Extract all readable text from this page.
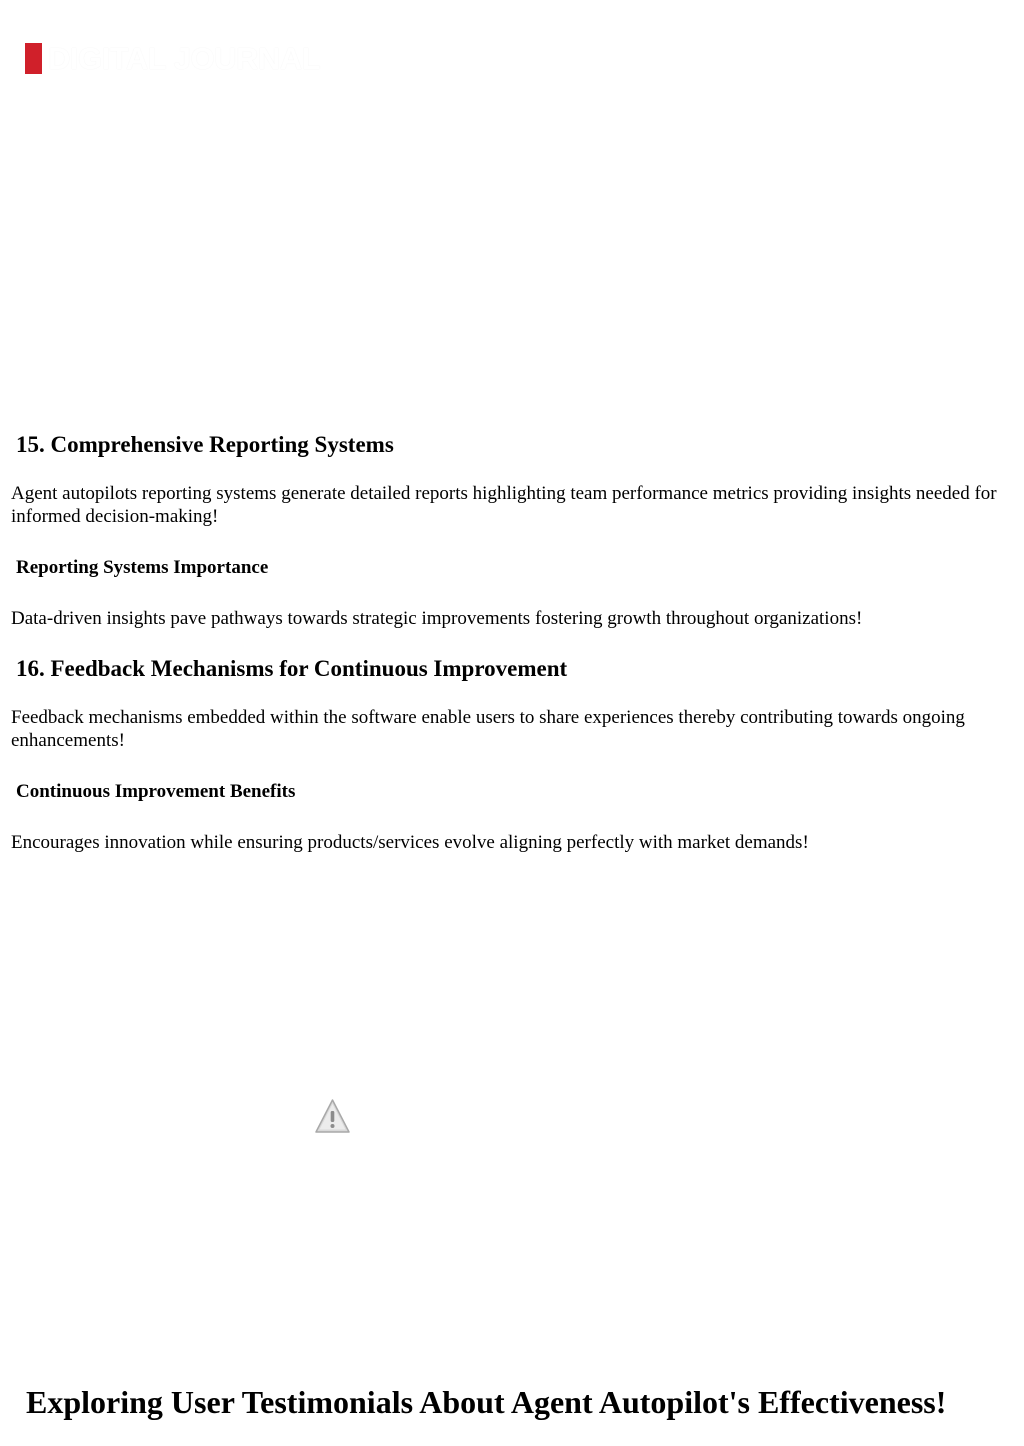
DIGITAL JOURNAL
15. Comprehensive Reporting Systems

Agent autopilots reporting systems generate detailed reports highlighting team performance metrics providing insights needed for informed decision-making!

Reporting Systems Importance

Data-driven insights pave pathways towards strategic improvements fostering growth throughout organizations!

16. Feedback Mechanisms for Continuous Improvement

Feedback mechanisms embedded within the software enable users to share experiences thereby contributing towards ongoing enhancements!

Continuous Improvement Benefits

Encourages innovation while ensuring products/services evolve aligning perfectly with market demands!

Exploring User Testimonials About Agent Autopilot's Effectiveness!
